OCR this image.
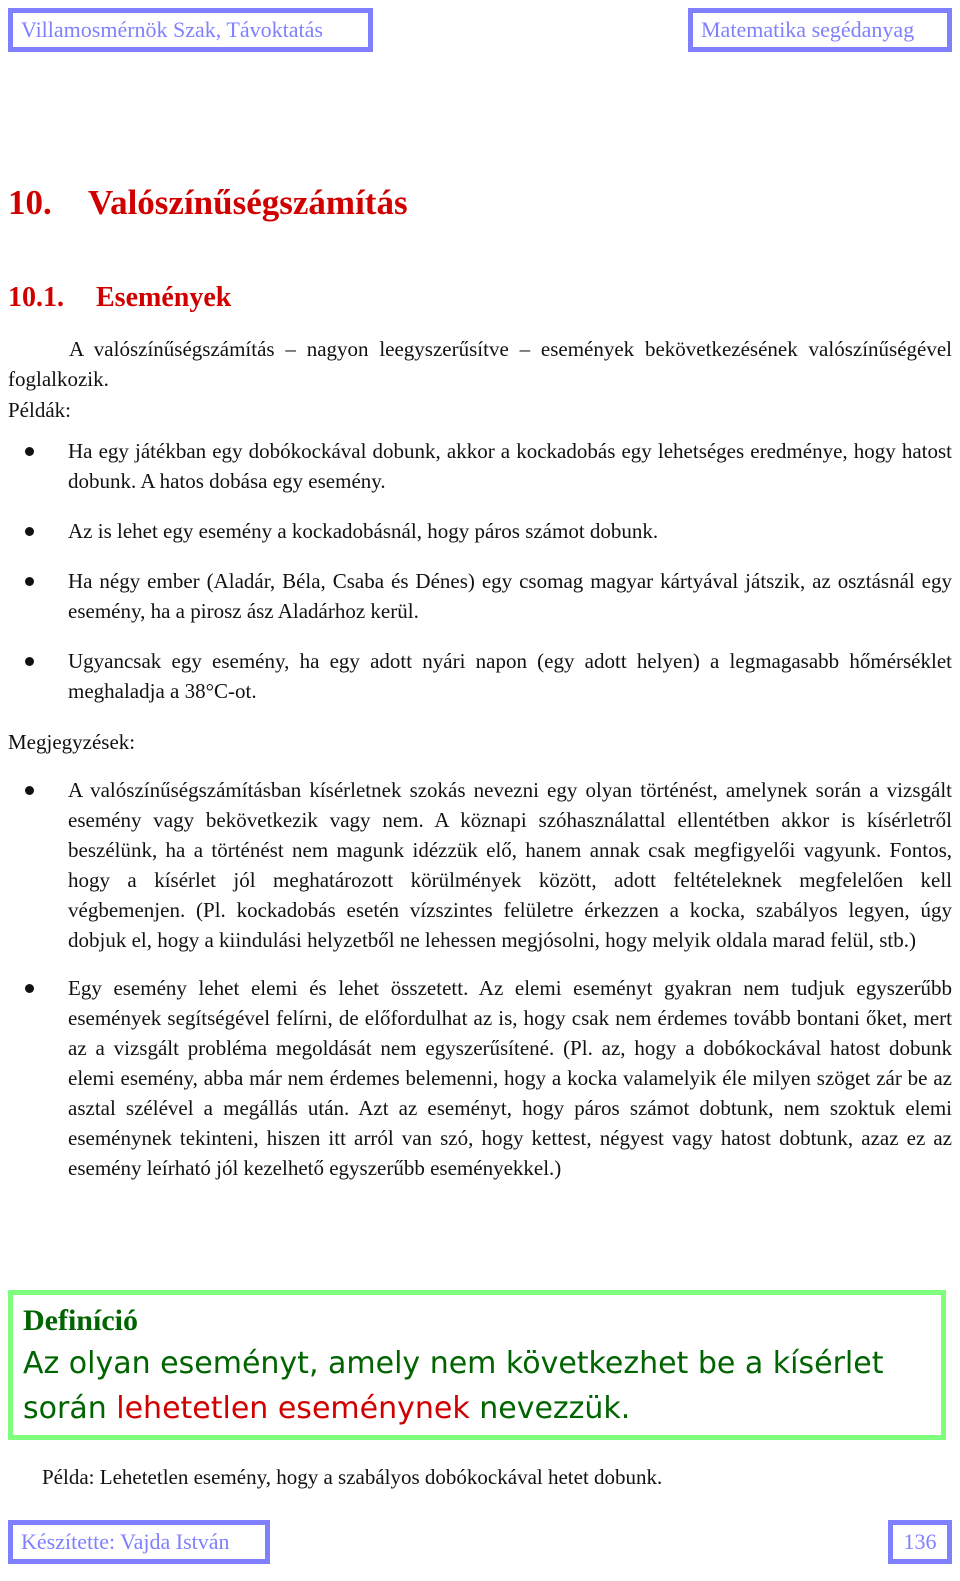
Villamosmérnök Szak, Távoktatás	Matematika segédanyag
10. Valószínűségszámítás
10.1. Események

A valószínűségszámítás – nagyon leegyszerűsítve – események bekövetkezésének valószínűségével foglalkozik.

Példák:

Ha egy játékban egy dobókockával dobunk, akkor a kockadobás egy lehetséges eredménye, hogy hatost dobunk. A hatos dobása egy esemény.
Az is lehet egy esemény a kockadobásnál, hogy páros számot dobunk.
Ha négy ember (Aladár, Béla, Csaba és Dénes) egy csomag magyar kártyával játszik, az osztásnál egy esemény, ha a pirosz ász Aladárhoz kerül.
Ugyancsak egy esemény, ha egy adott nyári napon (egy adott helyen) a legmagasabb hőmérséklet meghaladja a 38°C-ot.

Megjegyzések:

A valószínűségszámításban kísérletnek szokás nevezni egy olyan történést, amelynek során a vizsgált esemény vagy bekövetkezik vagy nem. A köznapi szóhasználattal ellentétben akkor is kísérletről beszélünk, ha a történést nem magunk idézzük elő, hanem annak csak megfigyelői vagyunk. Fontos, hogy a kísérlet jól meghatározott körülmények között, adott feltételeknek megfelelően kell végbemenjen. (Pl. kockadobás esetén vízszintes felületre érkezzen a kocka, szabályos legyen, úgy dobjuk el, hogy a kiindulási helyzetből ne lehessen megjósolni, hogy melyik oldala marad felül, stb.)
Egy esemény lehet elemi és lehet összetett. Az elemi eseményt gyakran nem tudjuk egyszerűbb események segítségével felírni, de előfordulhat az is, hogy csak nem érdemes tovább bontani őket, mert az a vizsgált probléma megoldását nem egyszerűsítené. (Pl. az, hogy a dobókockával hatost dobunk elemi esemény, abba már nem érdemes belemenni, hogy a kocka valamelyik éle milyen szöget zár be az asztal szélével a megállás után. Azt az eseményt, hogy páros számot dobtunk, nem szoktuk elemi eseménynek tekinteni, hiszen itt arról van szó, hogy kettest, négyest vagy hatost dobtunk, azaz ez az esemény leírható jól kezelhető egyszerűbb eseményekkel.)

Definíció

Az olyan eseményt, amely nem következhet be a kísérlet során lehetetlen eseménynek nevezzük.

Példa: Lehetetlen esemény, hogy a szabályos dobókockával hetet dobunk.

Készítette: Vajda István	136
